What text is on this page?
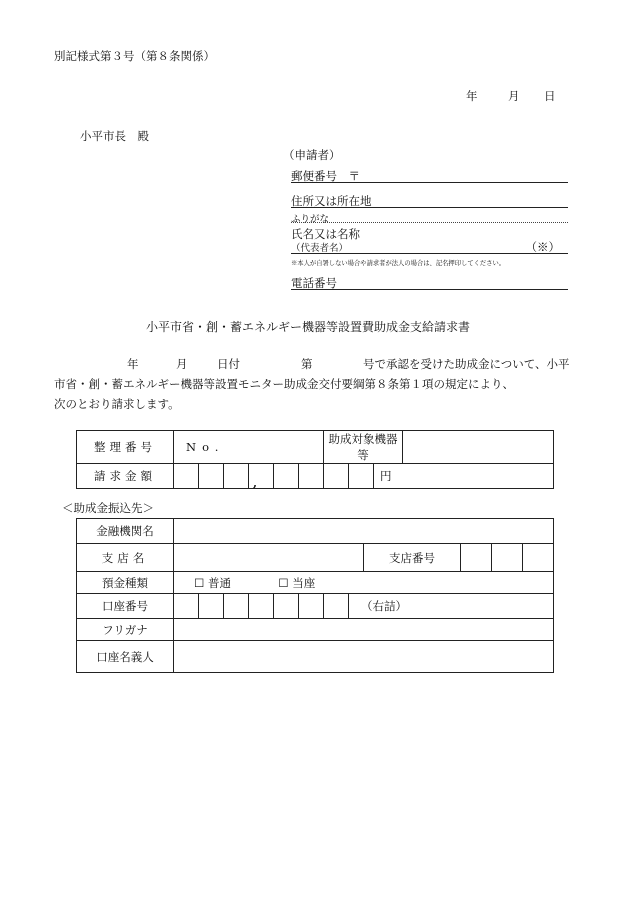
別記様式第３号（第８条関係）
年	月 日
小平市長　殿
（申請者）
郵便番号　〒
住所又は所在地
ふりがな
氏名又は名称
（代表者名）	（※）
※本人が自署しない場合や請求者が法人の場合は、記名押印してください。
電話番号
小平市省・創・蓄エネルギー機器等設置費助成金支給請求書
年	月	日付	第	号で承認を受けた助成金について、小平
市省・創・蓄エネルギー機器等設置モニター助成金交付要綱第８条第１項の規定により、
次のとおり請求します。
整理番号	No.						助成対象機器等			
請求金額				,					円	
＜助成金振込先＞
金融機関名												
支店名									支店番号			
預金種類	☐ 普通 ☐ 当座											
口座番号								（右詰）				
フリガナ												
口座名義人												
